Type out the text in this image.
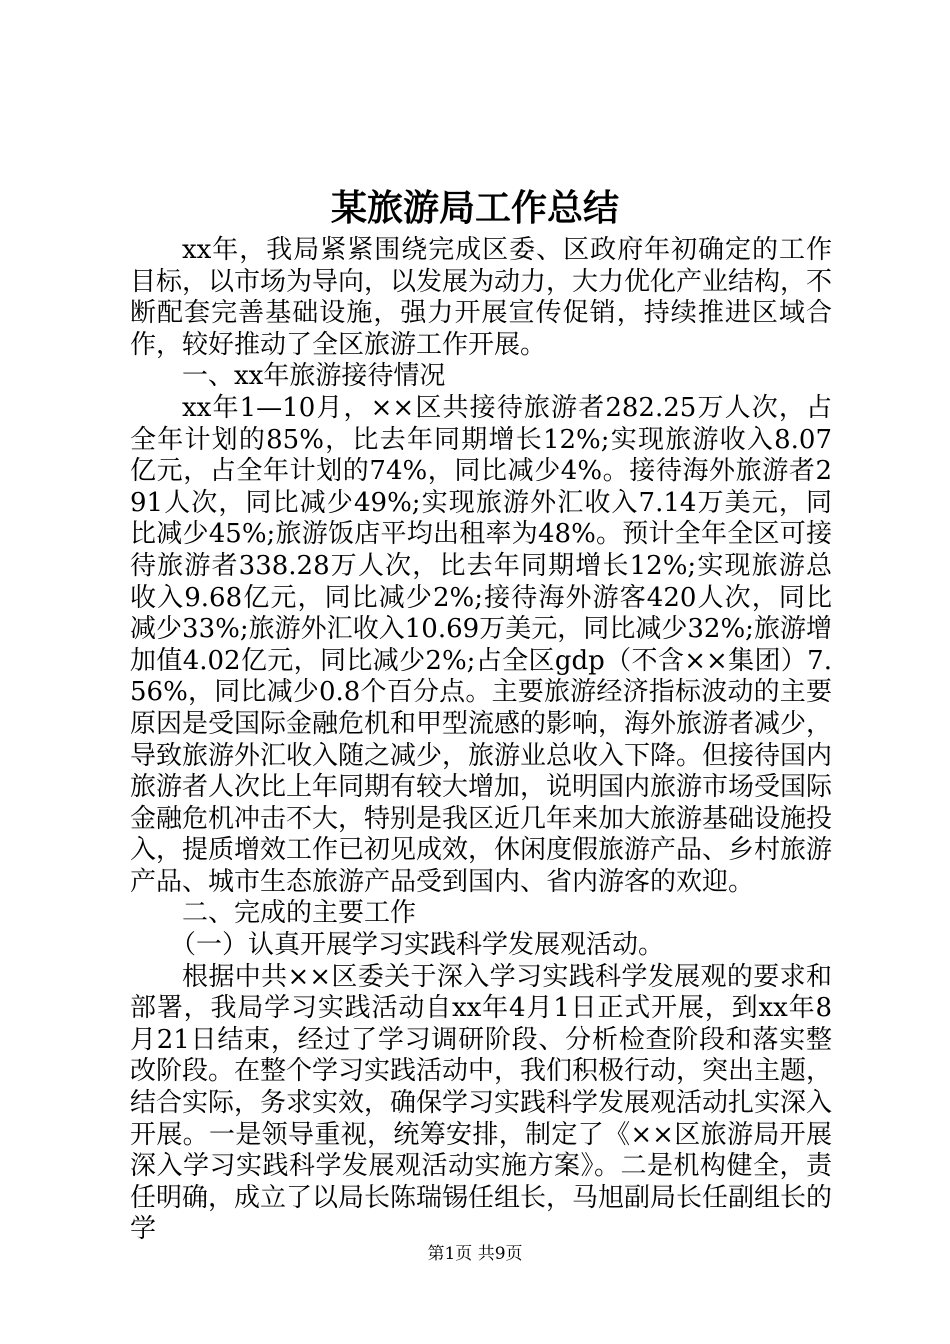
某旅游局工作总结

xx年，我局紧紧围绕完成区委、区政府年初确定的工作目标，以市场为导向，以发展为动力，大力优化产业结构，不断配套完善基础设施，强力开展宣传促销，持续推进区域合作，较好推动了全区旅游工作开展。

一、xx年旅游接待情况

xx年1—10月，××区共接待旅游者282.25万人次，占全年计划的85%，比去年同期增长12%;实现旅游收入8.07亿元，占全年计划的74%，同比减少4%。接待海外旅游者291人次，同比减少49%;实现旅游外汇收入7.14万美元，同比减少45%;旅游饭店平均出租率为48%。预计全年全区可接待旅游者338.28万人次，比去年同期增长12%;实现旅游总收入9.68亿元，同比减少2%;接待海外游客420人次，同比减少33%;旅游外汇收入10.69万美元，同比减少32%;旅游增加值4.02亿元，同比减少2%;占全区gdp（不含××集团）7.56%，同比减少0.8个百分点。主要旅游经济指标波动的主要原因是受国际金融危机和甲型流感的影响，海外旅游者减少，导致旅游外汇收入随之减少，旅游业总收入下降。但接待国内旅游者人次比上年同期有较大增加，说明国内旅游市场受国际金融危机冲击不大，特别是我区近几年来加大旅游基础设施投入，提质增效工作已初见成效，休闲度假旅游产品、乡村旅游产品、城市生态旅游产品受到国内、省内游客的欢迎。

二、完成的主要工作

（一）认真开展学习实践科学发展观活动。

根据中共××区委关于深入学习实践科学发展观的要求和部署，我局学习实践活动自xx年4月1日正式开展，到xx年8月21日结束，经过了学习调研阶段、分析检查阶段和落实整改阶段。在整个学习实践活动中，我们积极行动，突出主题，结合实际，务求实效，确保学习实践科学发展观活动扎实深入开展。一是领导重视，统筹安排，制定了《××区旅游局开展深入学习实践科学发展观活动实施方案》。二是机构健全，责任明确，成立了以局长陈瑞锡任组长，马旭副局长任副组长的学

第1页 共9页
